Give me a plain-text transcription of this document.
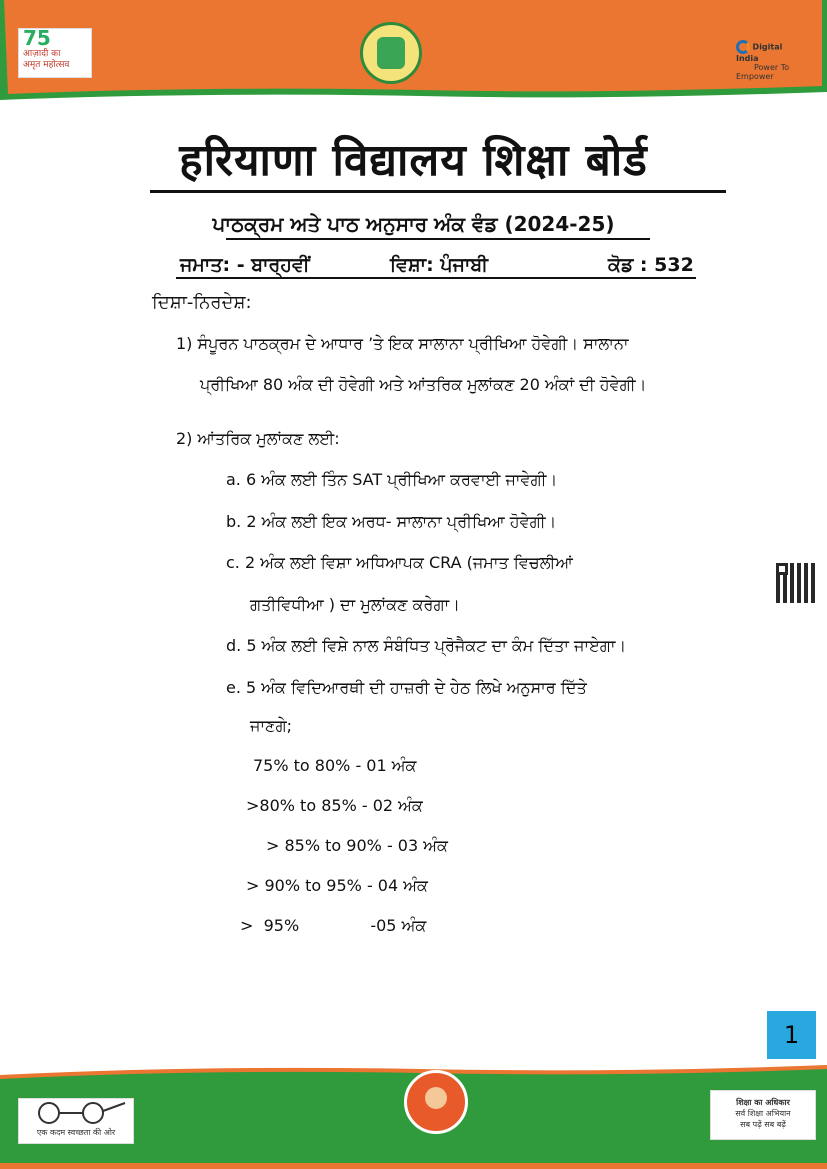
75
आज़ादी का
अमृत महोत्सव
Digital India
Power To Empower
हरियाणा विद्यालय शिक्षा बोर्ड
ਪਾਠਕ੍ਰਮ ਅਤੇ ਪਾਠ ਅਨੁਸਾਰ ਅੰਕ ਵੰਡ (2024-25)
ਜਮਾਤ: - ਬਾਰ੍ਹਵੀਂ	ਵਿਸ਼ਾ: ਪੰਜਾਬੀ	ਕੋਡ : 532
ਦਿਸ਼ਾ-ਨਿਰਦੇਸ਼:
1) ਸੰਪੂਰਨ ਪਾਠਕ੍ਰਮ ਦੇ ਆਧਾਰ ’ਤੇ ਇਕ ਸਾਲਾਨਾ ਪ੍ਰੀਖਿਆ ਹੋਵੇਗੀ। ਸਾਲਾਨਾ
ਪ੍ਰੀਖਿਆ 80 ਅੰਕ ਦੀ ਹੋਵੇਗੀ ਅਤੇ ਆਂਤਰਿਕ ਮੁਲਾਂਕਣ 20 ਅੰਕਾਂ ਦੀ ਹੋਵੇਗੀ।
2) ਆਂਤਰਿਕ ਮੁਲਾਂਕਣ ਲਈ:
a. 6 ਅੰਕ ਲਈ ਤਿੰਨ SAT ਪ੍ਰੀਖਿਆ ਕਰਵਾਈ ਜਾਵੇਗੀ।
b. 2 ਅੰਕ ਲਈ ਇਕ ਅਰਧ- ਸਾਲਾਨਾ ਪ੍ਰੀਖਿਆ ਹੋਵੇਗੀ।
c. 2 ਅੰਕ ਲਈ ਵਿਸ਼ਾ ਅਧਿਆਪਕ CRA (ਜਮਾਤ ਵਿਚਲੀਆਂ
ਗਤੀਵਿਧੀਆ ) ਦਾ ਮੁਲਾਂਕਣ ਕਰੇਗਾ।
d. 5 ਅੰਕ ਲਈ ਵਿਸ਼ੇ ਨਾਲ ਸੰਬੰਧਿਤ ਪ੍ਰੋਜੈਕਟ ਦਾ ਕੰਮ ਦਿੱਤਾ ਜਾਏਗਾ।
e. 5 ਅੰਕ ਵਿਦਿਆਰਥੀ ਦੀ ਹਾਜ਼ਰੀ ਦੇ ਹੇਠ ਲਿਖੇ ਅਨੁਸਾਰ ਦਿੱਤੇ
ਜਾਣਗੇ;
75% to 80% - 01 ਅੰਕ
>80% to 85% - 02 ਅੰਕ
> 85% to 90% - 03 ਅੰਕ
> 90% to 95% - 04 ਅੰਕ
>  95%              -05 ਅੰਕ
1
एक कदम स्वच्छता की ओर
शिक्षा का अधिकार
सर्व शिक्षा अभियान
सब पढ़ें सब बढ़ें
